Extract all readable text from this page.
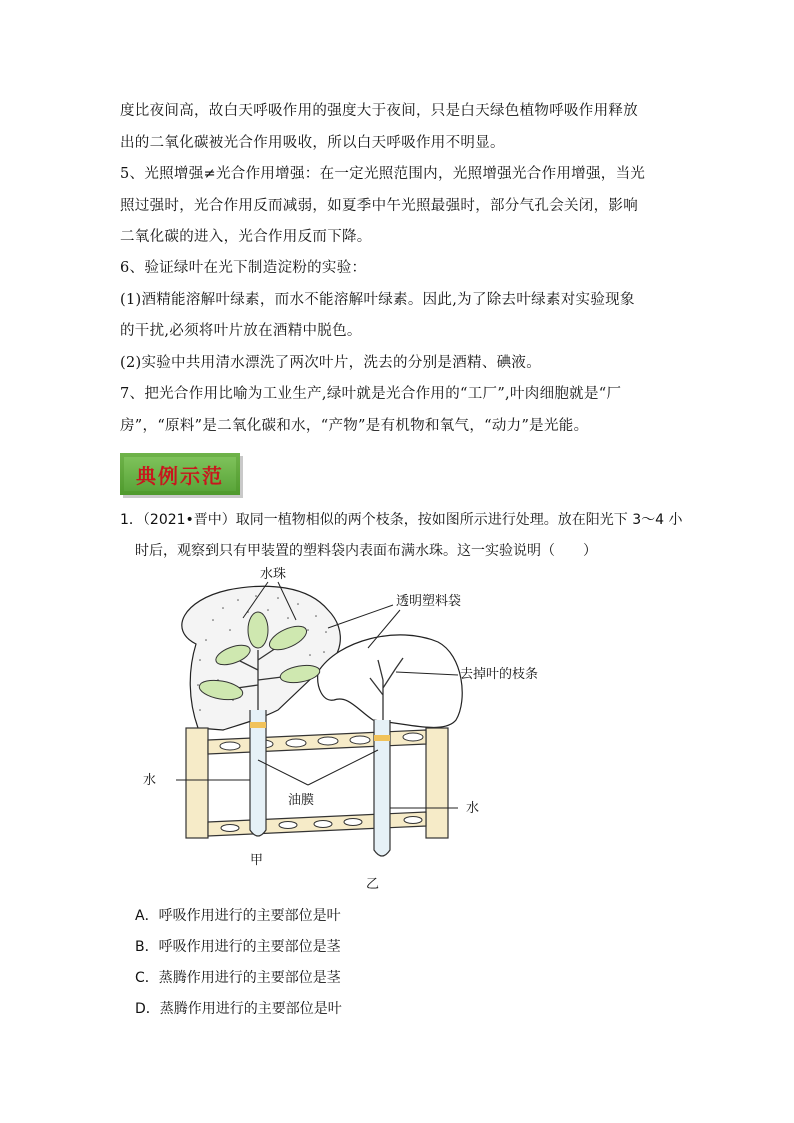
度比夜间高，故白天呼吸作用的强度大于夜间，只是白天绿色植物呼吸作用释放
出的二氧化碳被光合作用吸收，所以白天呼吸作用不明显。
5、光照增强≠光合作用增强：在一定光照范围内，光照增强光合作用增强，当光
照过强时，光合作用反而减弱，如夏季中午光照最强时，部分气孔会关闭，影响
二氧化碳的进入，光合作用反而下降。
6、验证绿叶在光下制造淀粉的实验：
(1)酒精能溶解叶绿素，而水不能溶解叶绿素。因此,为了除去叶绿素对实验现象
的干扰,必须将叶片放在酒精中脱色。
(2)实验中共用清水漂洗了两次叶片，洗去的分别是酒精、碘液。
7、把光合作用比喻为工业生产,绿叶就是光合作用的“工厂”,叶肉细胞就是“厂
房”，“原料”是二氧化碳和水，“产物”是有机物和氧气，“动力”是光能。
典例示范
1．（2021•晋中）取同一植物相似的两个枝条，按如图所示进行处理。放在阳光下 3～4 小
时后，观察到只有甲装置的塑料袋内表面布满水珠。这一实验说明（　　）
水珠
透明塑料袋
去掉叶的枝条
水
油膜
水
甲
乙
A．呼吸作用进行的主要部位是叶
B．呼吸作用进行的主要部位是茎
C．蒸腾作用进行的主要部位是茎
D．蒸腾作用进行的主要部位是叶
